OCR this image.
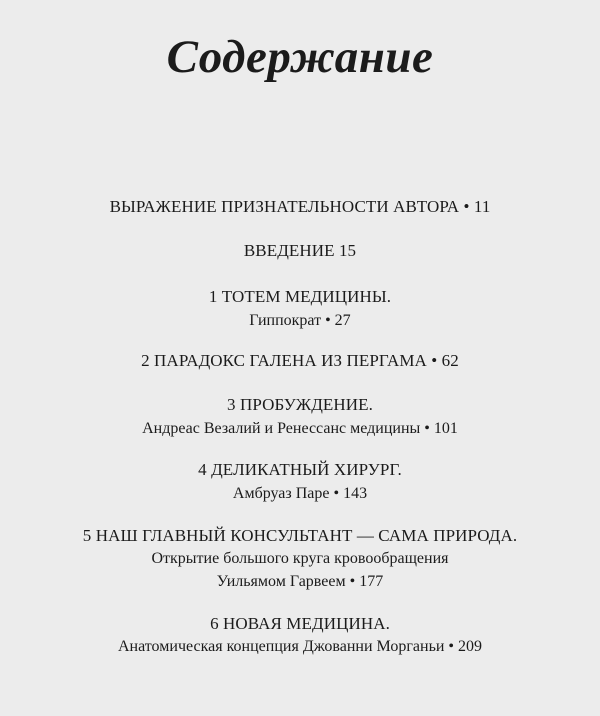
Содержание
ВЫРАЖЕНИЕ ПРИЗНАТЕЛЬНОСТИ АВТОРА • 11
ВВЕДЕНИЕ 15
1 ТОТЕМ МЕДИЦИНЫ.
Гиппократ • 27
2 ПАРАДОКС ГАЛЕНА ИЗ ПЕРГАМА • 62
3 ПРОБУЖДЕНИЕ.
Андреас Везалий и Ренессанс медицины • 101
4 ДЕЛИКАТНЫЙ ХИРУРГ.
Амбруаз Паре • 143
5 НАШ ГЛАВНЫЙ КОНСУЛЬТАНТ — САМА ПРИРОДА.
Открытие большого круга кровообращения
Уильямом Гарвеем • 177
6 НОВАЯ МЕДИЦИНА.
Анатомическая концепция Джованни Морганьи • 209
